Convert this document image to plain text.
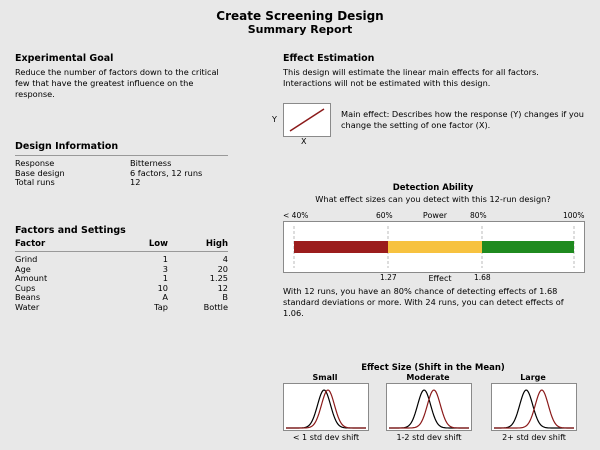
Create Screening Design
Summary Report
Experimental Goal
Reduce the number of factors down to the critical few that have the greatest influence on the response.
Design Information
Response	Bitterness
Base design	6 factors, 12 runs
Total runs	12
Factors and Settings
Factor	Low	High

Grind	1	4
Age	3	20
Amount	1	1.25
Cups	10	12
Beans	A	B
Water	Tap	Bottle
Effect Estimation
This design will estimate the linear main effects for all factors. Interactions will not be estimated with this design.
Y
X
Main effect: Describes how the response (Y) changes if you change the setting of one factor (X).
Detection Ability
What effect sizes can you detect with this 12-run design?
< 40%	60%	Power	80%	100%
1.27	Effect	1.68
With 12 runs, you have an 80% chance of detecting effects of 1.68 standard deviations or more. With 24 runs, you can detect effects of 1.06.
Effect Size (Shift in the Mean)
Small	Moderate	Large
< 1 std dev shift	1-2 std dev shift	2+ std dev shift
